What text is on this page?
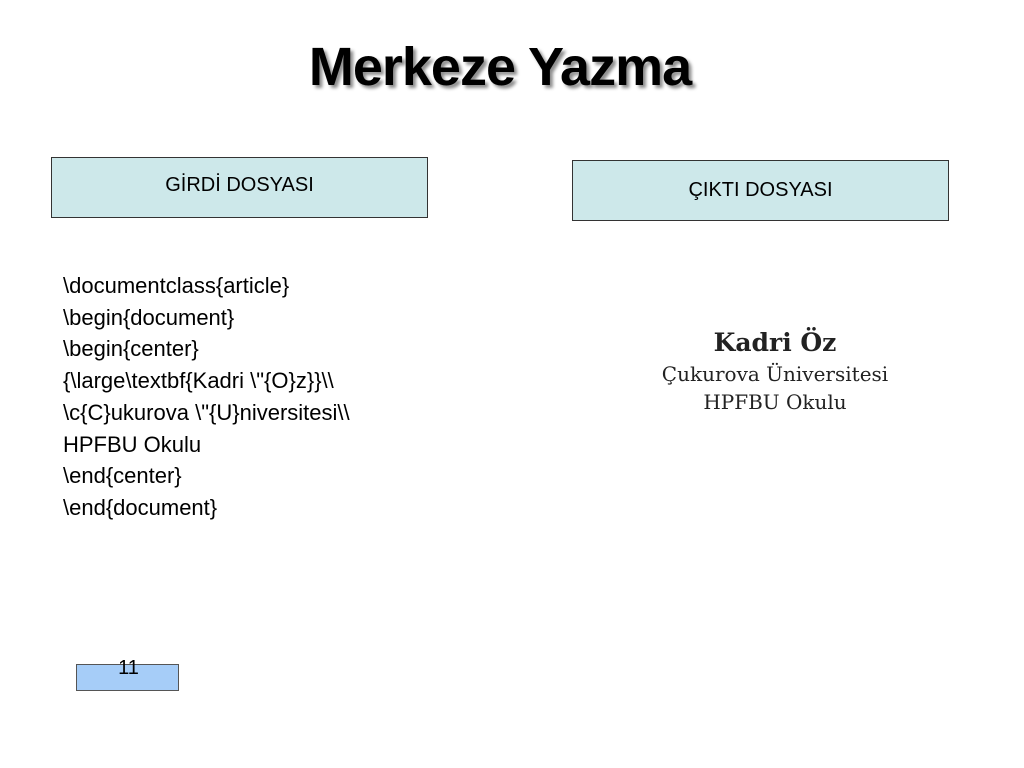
Merkeze Yazma
GİRDİ DOSYASI	ÇIKTI DOSYASI
\documentclass{article}
\begin{document}
\begin{center}
{\large\textbf{Kadri \"{O}z}}\\
\c{C}ukurova \"{U}niversitesi\\
HPFBU Okulu
\end{center}
\end{document}
Kadri Öz
Çukurova Üniversitesi
HPFBU Okulu
11
